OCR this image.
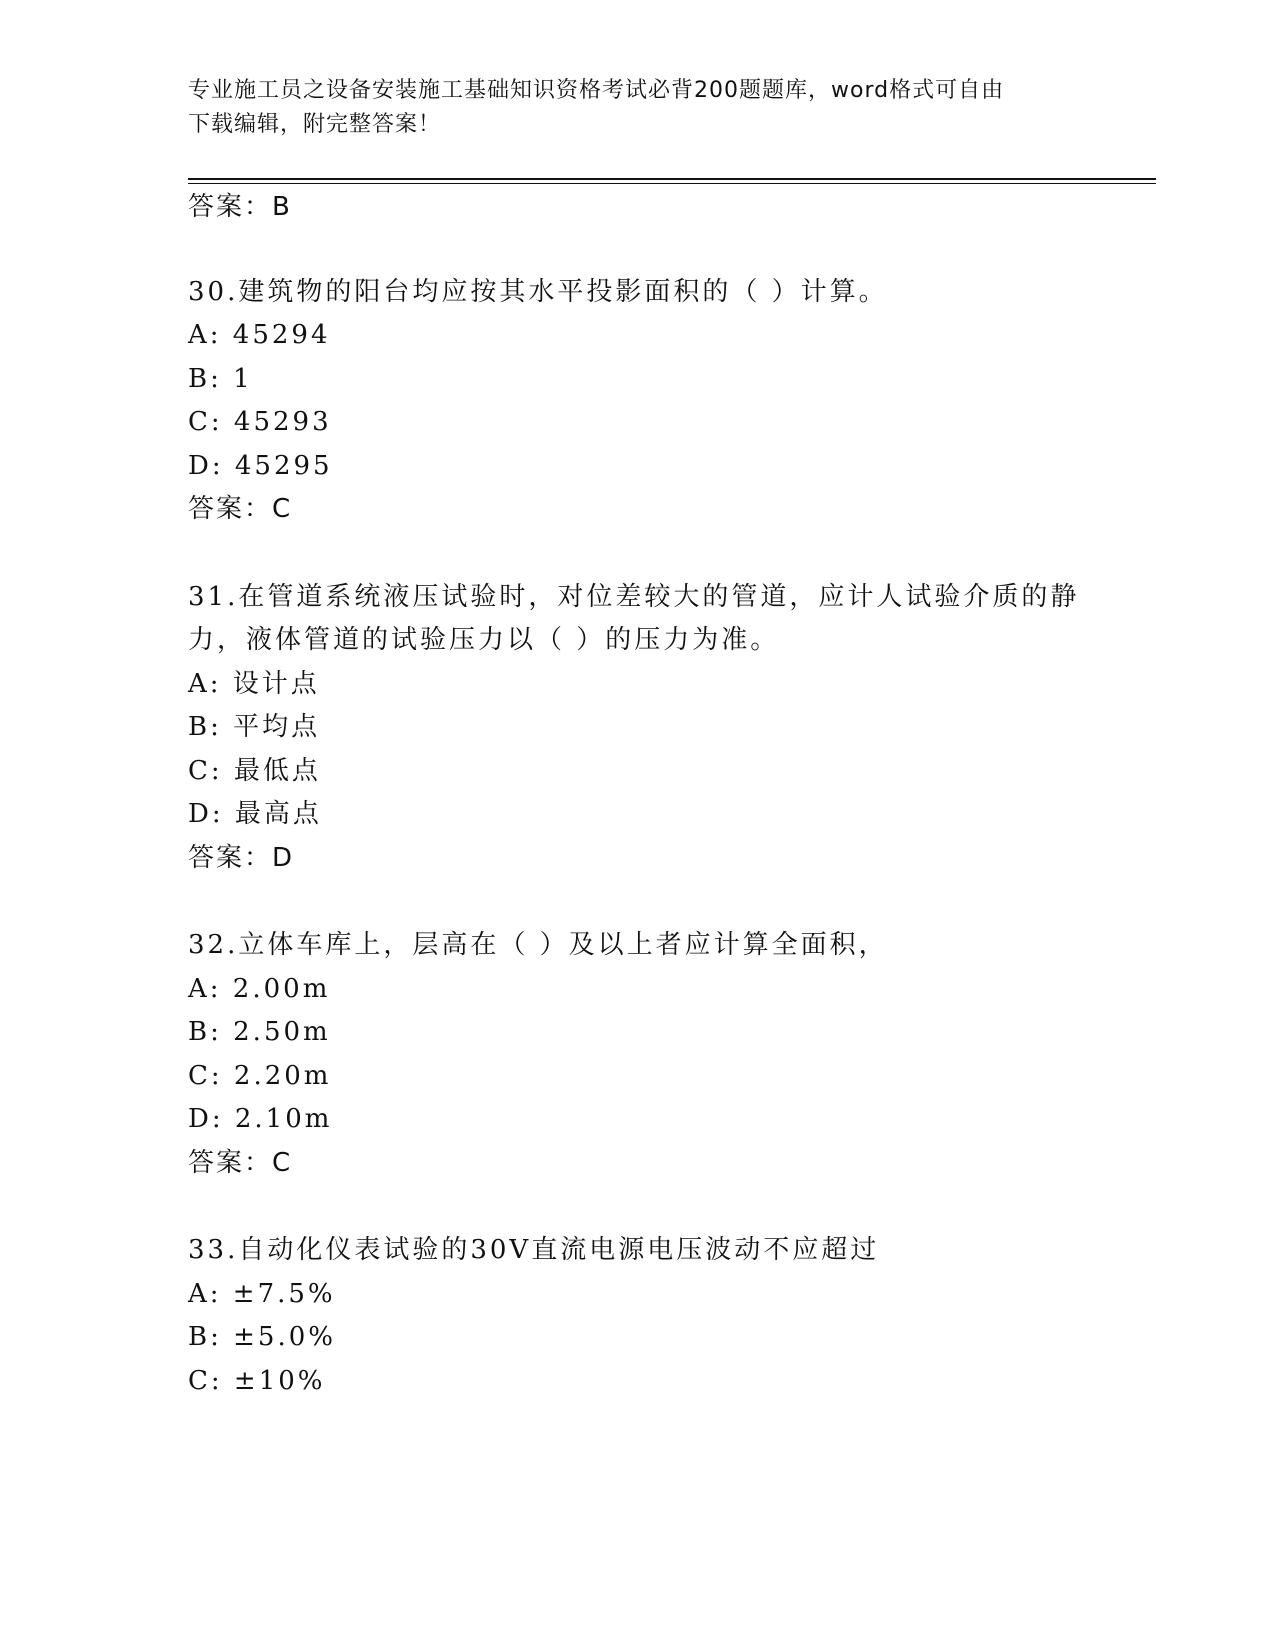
专业施工员之设备安装施工基础知识资格考试必背200题题库，word格式可自由
下载编辑，附完整答案！
答案：B
30.建筑物的阳台均应按其水平投影面积的（ ）计算。
A: 45294
B: 1
C: 45293
D: 45295
答案：C
31.在管道系统液压试验时，对位差较大的管道，应计人试验介质的静
力，液体管道的试验压力以（ ）的压力为准。
A: 设计点
B: 平均点
C: 最低点
D: 最高点
答案：D
32.立体车库上，层高在（ ）及以上者应计算全面积，
A: 2.00m
B: 2.50m
C: 2.20m
D: 2.10m
答案：C
33.自动化仪表试验的30V直流电源电压波动不应超过
A: ±7.5%
B: ±5.0%
C: ±10%
